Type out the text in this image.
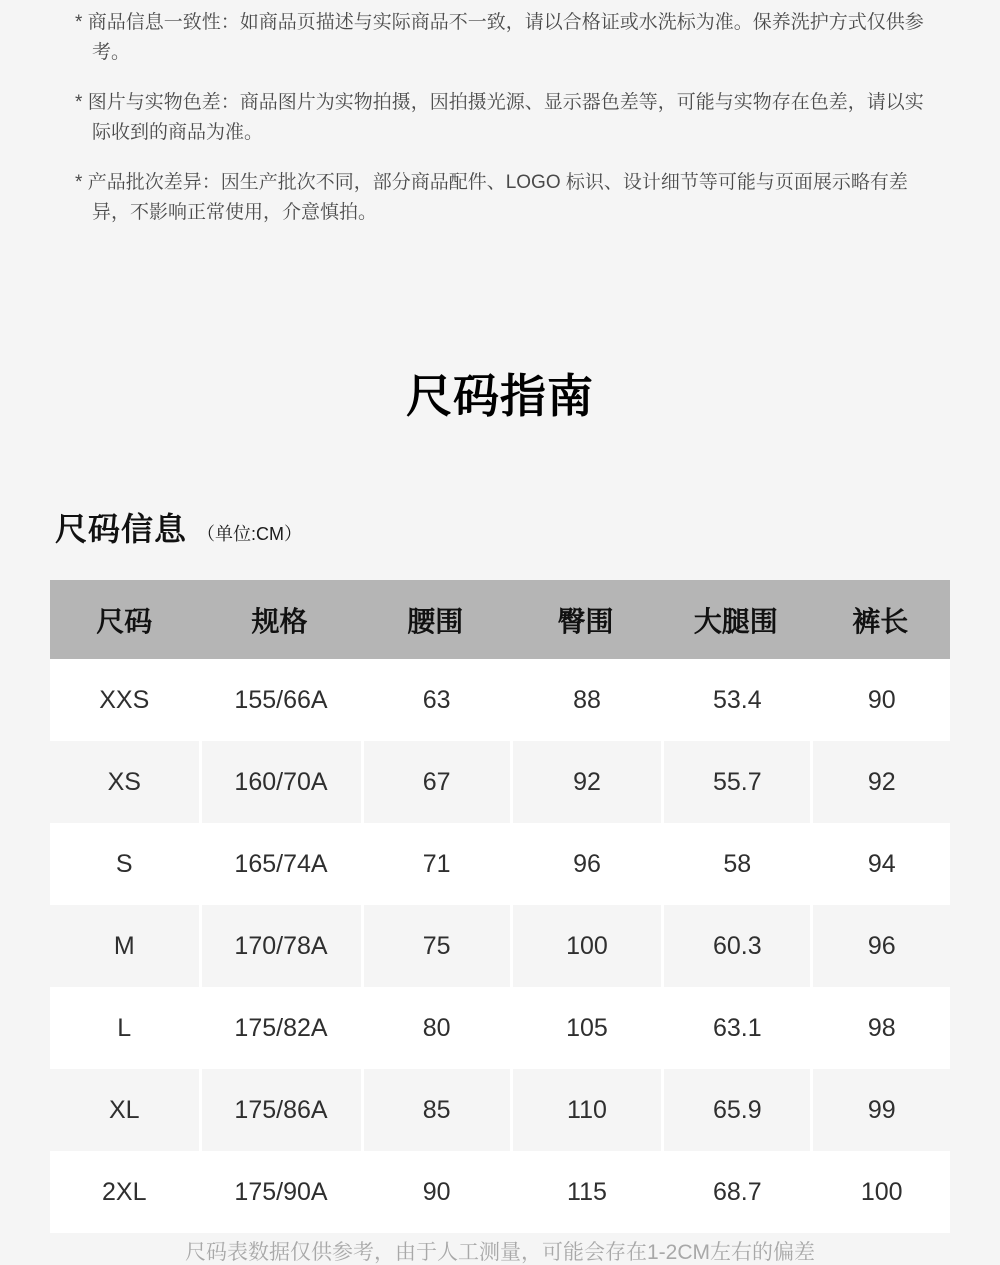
* 商品信息一致性：如商品页描述与实际商品不一致，请以合格证或水洗标为准。保养洗护方式仅供参考。

* 图片与实物色差：商品图片为实物拍摄，因拍摄光源、显示器色差等，可能与实物存在色差，请以实际收到的商品为准。

* 产品批次差异：因生产批次不同，部分商品配件、LOGO 标识、设计细节等可能与页面展示略有差异，不影响正常使用，介意慎拍。

尺码指南
尺码信息 （单位:CM）
尺码	规格	腰围	臀围	大腿围	裤长
XXS	155/66A	63	88	53.4	90
XS	160/70A	67	92	55.7	92
S	165/74A	71	96	58	94
M	170/78A	75	100	60.3	96
L	175/82A	80	105	63.1	98
XL	175/86A	85	110	65.9	99
2XL	175/90A	90	115	68.7	100

尺码表数据仅供参考，由于人工测量，可能会存在1-2CM左右的偏差
